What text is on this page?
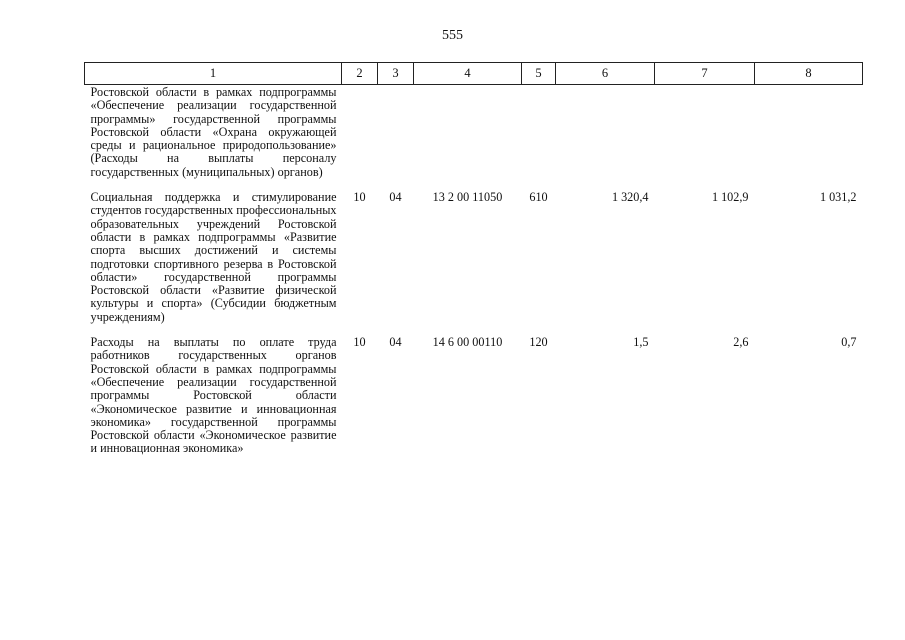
555
1	2	3	4	5	6	7	8
Ростовской области в рамках подпрограммы «Обеспечение реализации государственной программы» государственной программы Ростовской области «Охрана окружающей среды и рациональное природопользование» (Расходы на выплаты персоналу государственных (муниципальных) органов)							
Социальная поддержка и стимулирование студентов государственных профессиональных образовательных учреждений Ростовской области в рамках подпрограммы «Развитие спорта высших достижений и системы подготовки спортивного резерва в Ростовской области» государственной программы Ростовской области «Развитие физической культуры и спорта» (Субсидии бюджетным учреждениям)	10	04	13 2 00 11050	610	1 320,4	1 102,9	1 031,2
Расходы на выплаты по оплате труда работников государственных органов Ростовской области в рамках подпрограммы «Обеспечение реализации государственной программы Ростовской области «Экономическое развитие и инновационная экономика» государственной программы Ростовской области «Экономическое развитие и инновационная экономика»	10	04	14 6 00 00110	120	1,5	2,6	0,7
